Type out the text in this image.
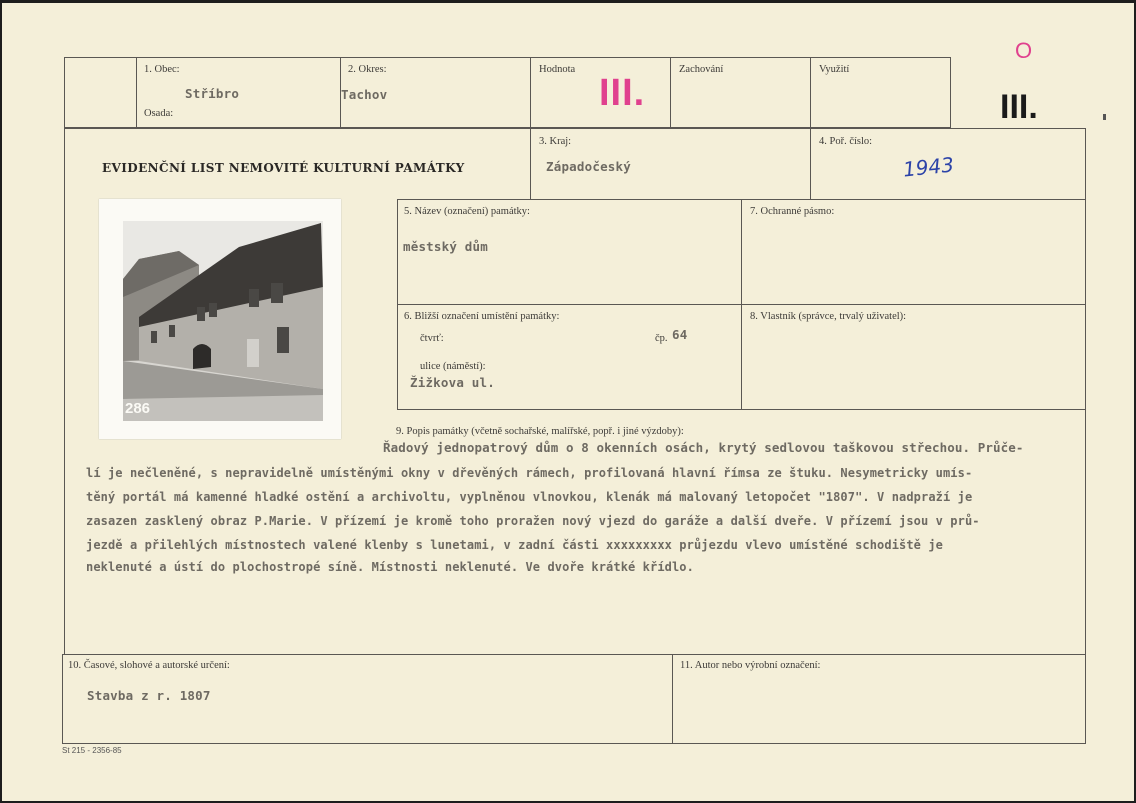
1. Obec:
Stříbro
Osada:
2. Okres:
Tachov
Hodnota
III.
Zachování	Využití
III.
O
EVIDENČNÍ LIST NEMOVITÉ KULTURNÍ PAMÁTKY
3. Kraj:
Západočeský
4. Poř. číslo:
1943
5. Název (označení) památky:
městský dům
7. Ochranné pásmo:
6. Bližší označení umístění památky:
čtvrť:	čp. 64
ulice (náměstí):
Žižkova ul.
8. Vlastník (správce, trvalý uživatel):
286
9. Popis památky (včetně sochařské, malířské, popř. i jiné výzdoby):
Řadový jednopatrový dům o 8 okenních osách, krytý sedlovou taškovou střechou. Průče-
lí je nečleněné, s nepravidelně umístěnými okny v dřevěných rámech, profilovaná hlavní římsa ze štuku. Nesymetricky umís-
těný portál má kamenné hladké ostění a archivoltu, vyplněnou vlnovkou, klenák má malovaný letopočet "1807". V nadpraží je
zasazen zasklený obraz P.Marie. V přízemí je kromě toho proražen nový vjezd do garáže a další dveře. V přízemí jsou v prů-
jezdě a přilehlých místnostech valené klenby s lunetami, v zadní části xxxxxxxxx průjezdu vlevo umístěné schodiště je
neklenuté a ústí do plochostropé síně. Místnosti neklenuté. Ve dvoře krátké křídlo.
10. Časové, slohové a autorské určení:
Stavba z r. 1807
11. Autor nebo výrobní označení:
St 215 - 2356-85
